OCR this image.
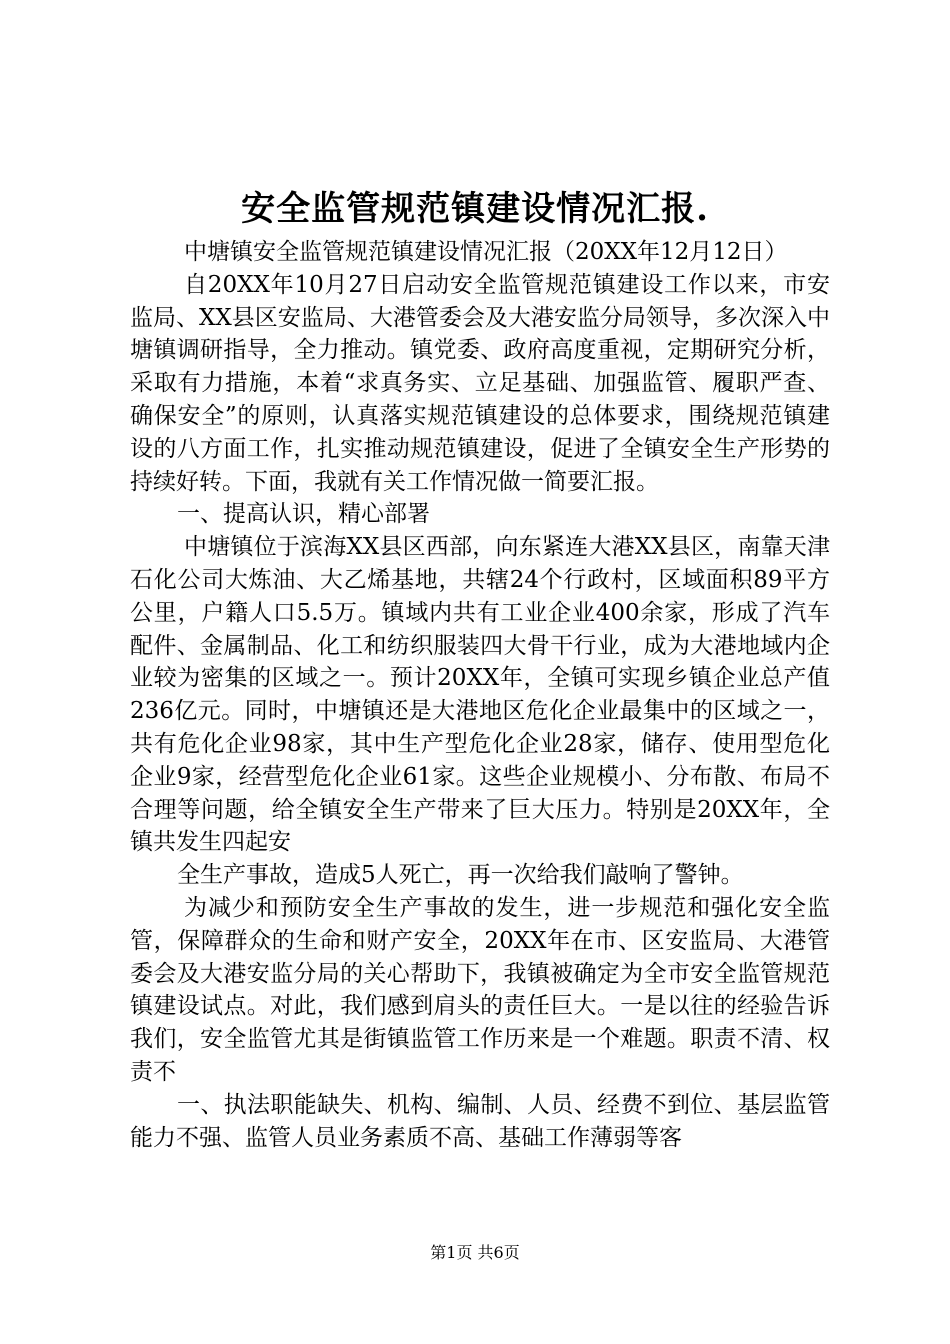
安全监管规范镇建设情况汇报.

中塘镇安全监管规范镇建设情况汇报（20XX年12月12日）

自20XX年10月27日启动安全监管规范镇建设工作以来，市安监局、XX县区安监局、大港管委会及大港安监分局领导，多次深入中塘镇调研指导，全力推动。镇党委、政府高度重视，定期研究分析，采取有力措施，本着“求真务实、立足基础、加强监管、履职严查、确保安全”的原则，认真落实规范镇建设的总体要求，围绕规范镇建设的八方面工作，扎实推动规范镇建设，促进了全镇安全生产形势的持续好转。下面，我就有关工作情况做一简要汇报。

一、提高认识，精心部署

中塘镇位于滨海XX县区西部，向东紧连大港XX县区，南靠天津石化公司大炼油、大乙烯基地，共辖24个行政村，区域面积89平方公里，户籍人口5.5万。镇域内共有工业企业400余家，形成了汽车配件、金属制品、化工和纺织服装四大骨干行业，成为大港地域内企业较为密集的区域之一。预计20XX年，全镇可实现乡镇企业总产值236亿元。同时，中塘镇还是大港地区危化企业最集中的区域之一，共有危化企业98家，其中生产型危化企业28家，储存、使用型危化企业9家，经营型危化企业61家。这些企业规模小、分布散、布局不合理等问题，给全镇安全生产带来了巨大压力。特别是20XX年，全镇共发生四起安

全生产事故，造成5人死亡，再一次给我们敲响了警钟。

为减少和预防安全生产事故的发生，进一步规范和强化安全监管，保障群众的生命和财产安全，20XX年在市、区安监局、大港管委会及大港安监分局的关心帮助下，我镇被确定为全市安全监管规范镇建设试点。对此，我们感到肩头的责任巨大。一是以往的经验告诉我们，安全监管尤其是街镇监管工作历来是一个难题。职责不清、权责不

一、执法职能缺失、机构、编制、人员、经费不到位、基层监管能力不强、监管人员业务素质不高、基础工作薄弱等客

第1页 共6页
